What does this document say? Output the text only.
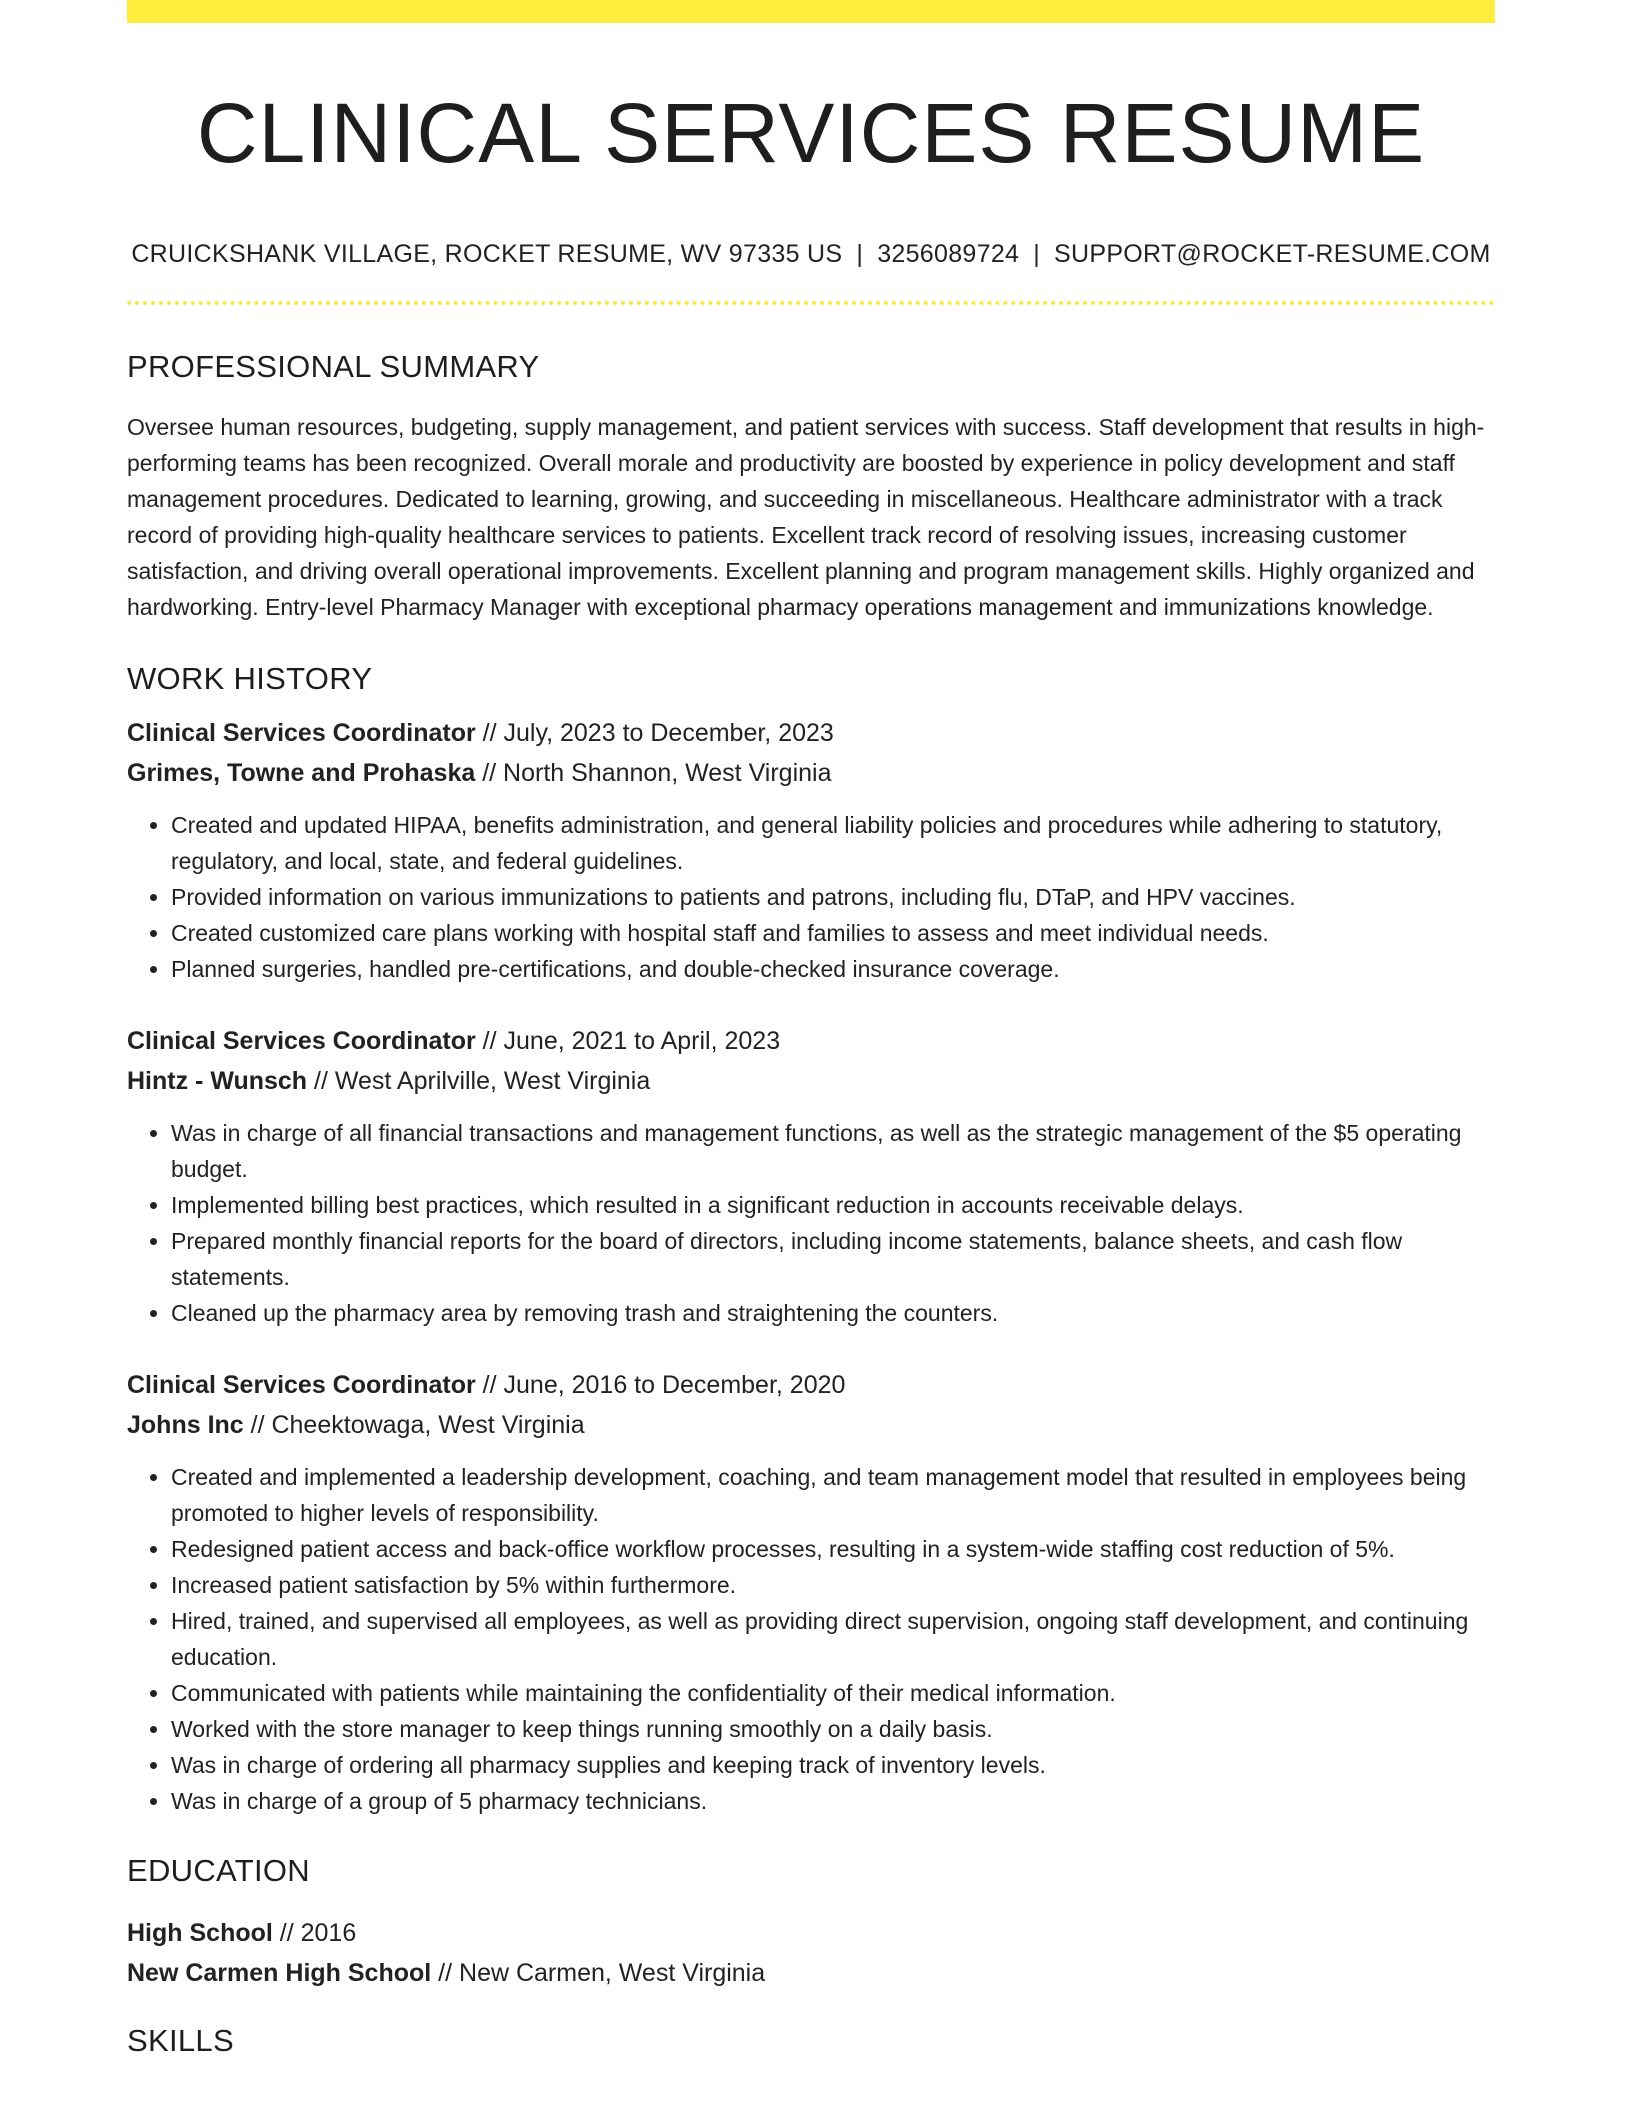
CLINICAL SERVICES RESUME
CRUICKSHANK VILLAGE, ROCKET RESUME, WV 97335 US | 3256089724 | SUPPORT@ROCKET-RESUME.COM
PROFESSIONAL SUMMARY
Oversee human resources, budgeting, supply management, and patient services with success. Staff development that results in high-performing teams has been recognized. Overall morale and productivity are boosted by experience in policy development and staff management procedures. Dedicated to learning, growing, and succeeding in miscellaneous. Healthcare administrator with a track record of providing high-quality healthcare services to patients. Excellent track record of resolving issues, increasing customer satisfaction, and driving overall operational improvements. Excellent planning and program management skills. Highly organized and hardworking. Entry-level Pharmacy Manager with exceptional pharmacy operations management and immunizations knowledge.
WORK HISTORY
Clinical Services Coordinator // July, 2023 to December, 2023
Grimes, Towne and Prohaska // North Shannon, West Virginia
• Created and updated HIPAA, benefits administration, and general liability policies and procedures while adhering to statutory, regulatory, and local, state, and federal guidelines.
• Provided information on various immunizations to patients and patrons, including flu, DTaP, and HPV vaccines.
• Created customized care plans working with hospital staff and families to assess and meet individual needs.
• Planned surgeries, handled pre-certifications, and double-checked insurance coverage.
Clinical Services Coordinator // June, 2021 to April, 2023
Hintz - Wunsch // West Aprilville, West Virginia
• Was in charge of all financial transactions and management functions, as well as the strategic management of the $5 operating budget.
• Implemented billing best practices, which resulted in a significant reduction in accounts receivable delays.
• Prepared monthly financial reports for the board of directors, including income statements, balance sheets, and cash flow statements.
• Cleaned up the pharmacy area by removing trash and straightening the counters.
Clinical Services Coordinator // June, 2016 to December, 2020
Johns Inc // Cheektowaga, West Virginia
• Created and implemented a leadership development, coaching, and team management model that resulted in employees being promoted to higher levels of responsibility.
• Redesigned patient access and back-office workflow processes, resulting in a system-wide staffing cost reduction of 5%.
• Increased patient satisfaction by 5% within furthermore.
• Hired, trained, and supervised all employees, as well as providing direct supervision, ongoing staff development, and continuing education.
• Communicated with patients while maintaining the confidentiality of their medical information.
• Worked with the store manager to keep things running smoothly on a daily basis.
• Was in charge of ordering all pharmacy supplies and keeping track of inventory levels.
• Was in charge of a group of 5 pharmacy technicians.
EDUCATION
High School // 2016
New Carmen High School // New Carmen, West Virginia
SKILLS
